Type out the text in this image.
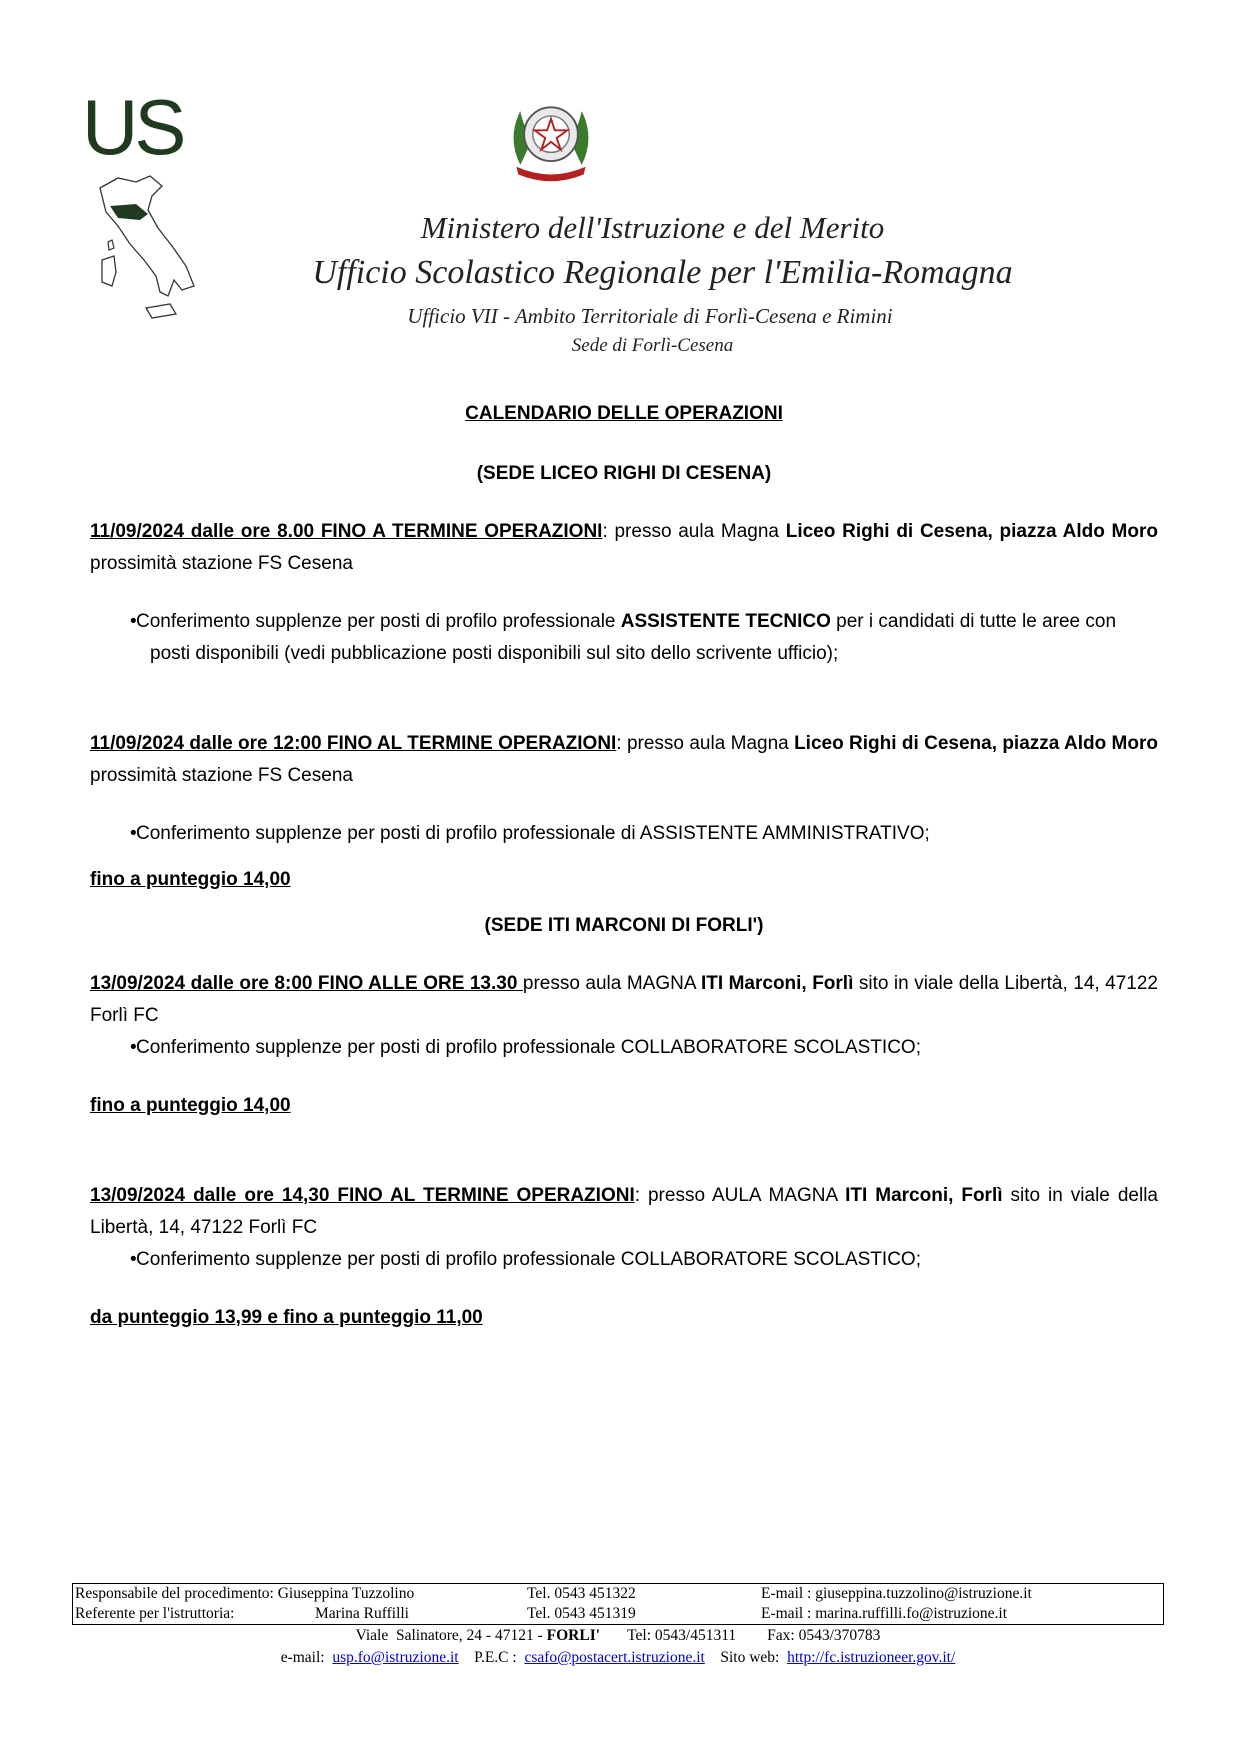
US
Ministero dell'Istruzione e del Merito
Ufficio Scolastico Regionale per l'Emilia-Romagna
Ufficio VII - Ambito Territoriale di Forlì-Cesena e Rimini
Sede di Forlì-Cesena

CALENDARIO DELLE OPERAZIONI

(SEDE LICEO RIGHI DI CESENA)

11/09/2024 dalle ore 8.00 FINO A TERMINE OPERAZIONI: presso aula Magna Liceo Righi di Cesena, piazza Aldo Moro prossimità stazione FS Cesena

• Conferimento supplenze per posti di profilo professionale ASSISTENTE TECNICO per i candidati di tutte le aree con posti disponibili (vedi pubblicazione posti disponibili sul sito dello scrivente ufficio);

11/09/2024 dalle ore 12:00 FINO AL TERMINE OPERAZIONI: presso aula Magna Liceo Righi di Cesena, piazza Aldo Moro prossimità stazione FS Cesena

• Conferimento supplenze per posti di profilo professionale di ASSISTENTE AMMINISTRATIVO;

fino a punteggio 14,00

(SEDE ITI MARCONI DI FORLI')

13/09/2024 dalle ore 8:00 FINO ALLE ORE 13.30 presso aula MAGNA ITI Marconi, Forlì sito in viale della Libertà, 14, 47122 Forlì FC

• Conferimento supplenze per posti di profilo professionale COLLABORATORE SCOLASTICO;

fino a punteggio 14,00

13/09/2024 dalle ore 14,30 FINO AL TERMINE OPERAZIONI: presso AULA MAGNA ITI Marconi, Forlì sito in viale della Libertà, 14, 47122 Forlì FC

• Conferimento supplenze per posti di profilo professionale COLLABORATORE SCOLASTICO;

da punteggio 13,99 e fino a punteggio 11,00

Responsabile del procedimento: Giuseppina Tuzzolino	Tel. 0543 451322	E-mail : giuseppina.tuzzolino@istruzione.it
Referente per l'istruttoria: Marina Ruffilli	Tel. 0543 451319	E-mail : marina.ruffilli.fo@istruzione.it
Viale  Salinatore, 24 - 47121 - FORLI' Tel: 0543/451311 Fax: 0543/370783
e-mail: usp.fo@istruzione.it P.E.C : csafo@postacert.istruzione.it Sito web: http://fc.istruzioneer.gov.it/
